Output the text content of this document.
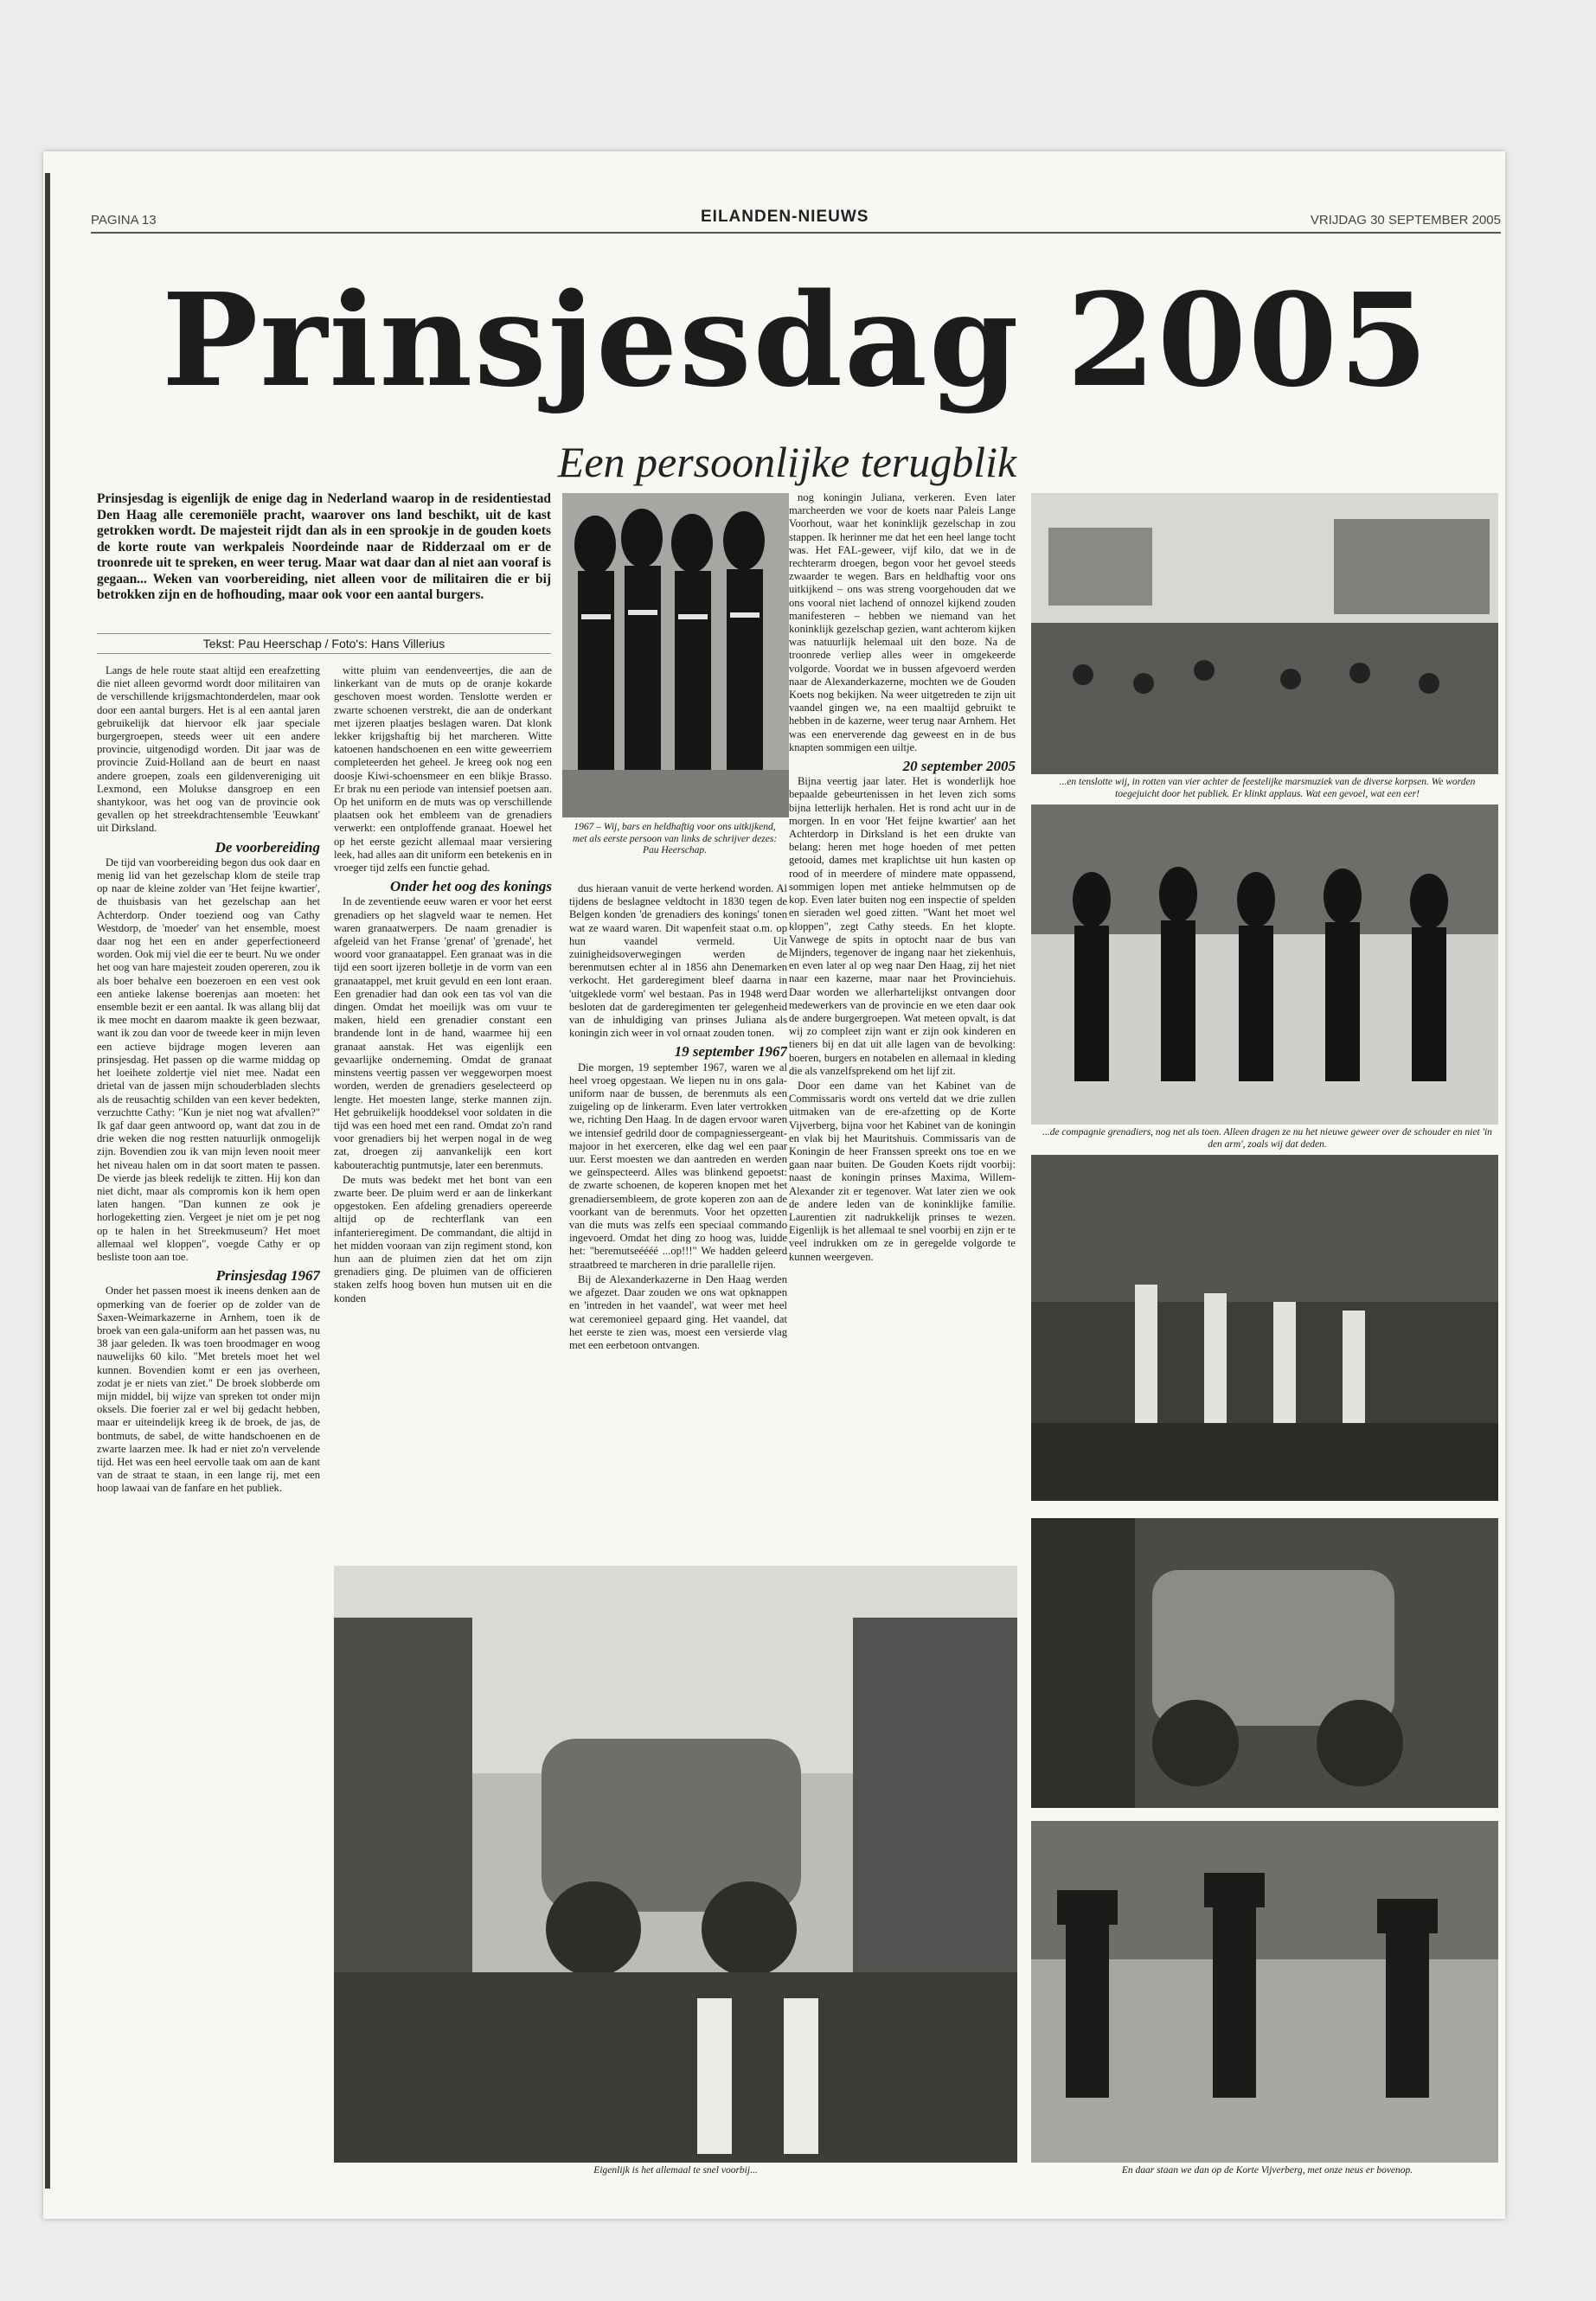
PAGINA 13	EILANDEN-NIEUWS	VRIJDAG 30 SEPTEMBER 2005
Prinsjesdag 2005
Een persoonlijke terugblik
Prinsjesdag is eigenlijk de enige dag in Nederland waarop in de residentiestad Den Haag alle ceremoniële pracht, waarover ons land beschikt, uit de kast getrokken wordt. De majesteit rijdt dan als in een sprookje in de gouden koets de korte route van werkpaleis Noordeinde naar de Ridderzaal om er de troonrede uit te spreken, en weer terug. Maar wat daar dan al niet aan vooraf is gegaan... Weken van voorbereiding, niet alleen voor de militairen die er bij betrokken zijn en de hofhouding, maar ook voor een aantal burgers.
Tekst: Pau Heerschap / Foto's: Hans Villerius

Langs de hele route staat altijd een ereafzetting die niet alleen gevormd wordt door militairen van de verschillende krijgsmachtonderdelen, maar ook door een aantal burgers. Het is al een aantal jaren gebruikelijk dat hiervoor elk jaar speciale burgergroepen, steeds weer uit een andere provincie, uitgenodigd worden. Dit jaar was de provincie Zuid-Holland aan de beurt en naast andere groepen, zoals een gildenvereniging uit Lexmond, een Molukse dansgroep en een shantykoor, was het oog van de provincie ook gevallen op het streekdrachtensemble 'Eeuwkant' uit Dirksland.

De voorbereiding

De tijd van voorbereiding begon dus ook daar en menig lid van het gezelschap klom de steile trap op naar de kleine zolder van 'Het feijne kwartier', de thuisbasis van het gezelschap aan het Achterdorp. Onder toeziend oog van Cathy Westdorp, de 'moeder' van het ensemble, moest daar nog het een en ander geperfectioneerd worden. Ook mij viel die eer te beurt. Nu we onder het oog van hare majesteit zouden opereren, zou ik als boer behalve een boezeroen en een vest ook een antieke lakense boerenjas aan moeten: het ensemble bezit er een aantal. Ik was allang blij dat ik mee mocht en daarom maakte ik geen bezwaar, want ik zou dan voor de tweede keer in mijn leven een actieve bijdrage mogen leveren aan prinsjesdag. Het passen op die warme middag op het loeihete zoldertje viel niet mee. Nadat een drietal van de jassen mijn schouderbladen slechts als de reusachtig schilden van een kever bedekten, verzuchtte Cathy: "Kun je niet nog wat afvallen?" Ik gaf daar geen antwoord op, want dat zou in de drie weken die nog restten natuurlijk onmogelijk zijn. Bovendien zou ik van mijn leven nooit meer het niveau halen om in dat soort maten te passen. De vierde jas bleek redelijk te zitten. Hij kon dan niet dicht, maar als compromis kon ik hem open laten hangen. "Dan kunnen ze ook je horlogeketting zien. Vergeet je niet om je pet nog op te halen in het Streekmuseum? Het moet allemaal wel kloppen", voegde Cathy er op besliste toon aan toe.

Prinsjesdag 1967

Onder het passen moest ik ineens denken aan de opmerking van de foerier op de zolder van de Saxen-Weimarkazerne in Arnhem, toen ik de broek van een gala-uniform aan het passen was, nu 38 jaar geleden. Ik was toen broodmager en woog nauwelijks 60 kilo. "Met bretels moet het wel kunnen. Bovendien komt er een jas overheen, zodat je er niets van ziet." De broek slobberde om mijn middel, bij wijze van spreken tot onder mijn oksels. Die foerier zal er wel bij gedacht hebben, maar er uiteindelijk kreeg ik de broek, de jas, de bontmuts, de sabel, de witte handschoenen en de zwarte laarzen mee. Ik had er niet zo'n vervelende tijd. Het was een heel eervolle taak om aan de kant van de straat te staan, in een lange rij, met een hoop lawaai van de fanfare en het publiek.

witte pluim van eendenveertjes, die aan de linkerkant van de muts op de oranje kokarde geschoven moest worden. Tenslotte werden er zwarte schoenen verstrekt, die aan de onderkant met ijzeren plaatjes beslagen waren. Dat klonk lekker krijgshaftig bij het marcheren. Witte katoenen handschoenen en een witte geweerriem completeerden het geheel. Je kreeg ook nog een doosje Kiwi-schoensmeer en een blikje Brasso. Er brak nu een periode van intensief poetsen aan. Op het uniform en de muts was op verschillende plaatsen ook het embleem van de grenadiers verwerkt: een ontploffende granaat. Hoewel het op het eerste gezicht allemaal maar versiering leek, had alles aan dit uniform een betekenis en in vroeger tijd zelfs een functie gehad.

Onder het oog des konings

In de zeventiende eeuw waren er voor het eerst grenadiers op het slagveld waar te nemen. Het waren granaatwerpers. De naam grenadier is afgeleid van het Franse 'grenat' of 'grenade', het woord voor granaatappel. Een granaat was in die tijd een soort ijzeren bolletje in de vorm van een granaatappel, met kruit gevuld en een lont eraan. Een grenadier had dan ook een tas vol van die dingen. Omdat het moeilijk was om vuur te maken, hield een grenadier constant een brandende lont in de hand, waarmee hij een granaat aanstak. Het was eigenlijk een gevaarlijke onderneming. Omdat de granaat minstens veertig passen ver weggeworpen moest worden, werden de grenadiers geselecteerd op lengte. Het moesten lange, sterke mannen zijn. Het gebruikelijk hooddeksel voor soldaten in die tijd was een hoed met een rand. Omdat zo'n rand voor grenadiers bij het werpen nogal in de weg zat, droegen zij aanvankelijk een kort kabouterachtig puntmutsje, later een berenmuts.

De muts was bedekt met het bont van een zwarte beer. De pluim werd er aan de linkerkant opgestoken. Een afdeling grenadiers opereerde altijd op de rechterflank van een infanterieregiment. De commandant, die altijd in het midden vooraan van zijn regiment stond, kon hun aan de pluimen zien dat het om zijn grenadiers ging. De pluimen van de officieren staken zelfs hoog boven hun mutsen uit en die konden

dus hieraan vanuit de verte herkend worden. Al tijdens de beslagnee veldtocht in 1830 tegen de Belgen konden 'de grenadiers des konings' tonen wat ze waard waren. Dit wapenfeit staat o.m. op hun vaandel vermeld. Uit zuinigheidsoverwegingen werden de berenmutsen echter al in 1856 ahn Denemarken verkocht. Het garderegiment bleef daarna in 'uitgeklede vorm' wel bestaan. Pas in 1948 werd besloten dat de garderegimenten ter gelegenheid van de inhuldiging van prinses Juliana als koningin zich weer in vol ornaat zouden tonen.

19 september 1967

Die morgen, 19 september 1967, waren we al heel vroeg opgestaan. We liepen nu in ons gala-uniform naar de bussen, de berenmuts als een zuigeling op de linkerarm. Even later vertrokken we, richting Den Haag. In de dagen ervoor waren we intensief gedrild door de compagniessergeant-majoor in het exerceren, elke dag wel een paar uur. Eerst moesten we dan aantreden en werden we geïnspecteerd. Alles was blinkend gepoetst: de zwarte schoenen, de koperen knopen met het grenadiersembleem, de grote koperen zon aan de voorkant van de berenmuts. Voor het opzetten van die muts was zelfs een speciaal commando ingevoerd. Omdat het ding zo hoog was, luidde het: "beremutseéééé ...op!!!" We hadden geleerd straatbreed te marcheren in drie parallelle rijen.

Bij de Alexanderkazerne in Den Haag werden we afgezet. Daar zouden we ons wat opknappen en 'intreden in het vaandel', wat weer met heel wat ceremonieel gepaard ging. Het vaandel, dat het eerste te zien was, moest een versierde vlag met een eerbetoon ontvangen.

nog koningin Juliana, verkeren. Even later marcheerden we voor de koets naar Paleis Lange Voorhout, waar het koninklijk gezelschap in zou stappen. Ik herinner me dat het een heel lange tocht was. Het FAL-geweer, vijf kilo, dat we in de rechterarm droegen, begon voor het gevoel steeds zwaarder te wegen. Bars en heldhaftig voor ons uitkijkend – ons was streng voorgehouden dat we ons vooral niet lachend of onnozel kijkend zouden manifesteren – hebben we niemand van het koninklijk gezelschap gezien, want achterom kijken was natuurlijk helemaal uit den boze. Na de troonrede verliep alles weer in omgekeerde volgorde. Voordat we in bussen afgevoerd werden naar de Alexanderkazerne, mochten we de Gouden Koets nog bekijken. Na weer uitgetreden te zijn uit vaandel gingen we, na een maaltijd gebruikt te hebben in de kazerne, weer terug naar Arnhem. Het was een enerverende dag geweest en in de bus knapten sommigen een uiltje.

20 september 2005

Bijna veertig jaar later. Het is wonderlijk hoe bepaalde gebeurtenissen in het leven zich soms bijna letterlijk herhalen. Het is rond acht uur in de morgen. In en voor 'Het feijne kwartier' aan het Achterdorp in Dirksland is het een drukte van belang: heren met hoge hoeden of met petten getooid, dames met kraplichtse uit hun kasten op rood of in meerdere of mindere mate oppassend, sommigen lopen met antieke helmmutsen op de kop. Even later buiten nog een inspectie of spelden en sieraden wel goed zitten. "Want het moet wel kloppen", zegt Cathy steeds. En het klopte. Vanwege de spits in optocht naar de bus van Mijnders, tegenover de ingang naar het ziekenhuis, en even later al op weg naar Den Haag, zij het niet naar een kazerne, maar naar het Provinciehuis. Daar worden we allerhartelijkst ontvangen door medewerkers van de provincie en we eten daar ook de andere burgergroepen. Wat meteen opvalt, is dat wij zo compleet zijn want er zijn ook kinderen en tieners bij en dat uit alle lagen van de bevolking: boeren, burgers en notabelen en allemaal in kleding die als vanzelfsprekend om het lijf zit.

Door een dame van het Kabinet van de Commissaris wordt ons verteld dat we drie zullen uitmaken van de ere-afzetting op de Korte Vijverberg, bijna voor het Kabinet van de koningin en vlak bij het Mauritshuis. Commissaris van de Koningin de heer Franssen spreekt ons toe en we gaan naar buiten. De Gouden Koets rijdt voorbij: naast de koningin prinses Maxima, Willem-Alexander zit er tegenover. Wat later zien we ook de andere leden van de koninklijke familie. Laurentien zit nadrukkelijk prinses te wezen. Eigenlijk is het allemaal te snel voorbij en zijn er te veel indrukken om ze in geregelde volgorde te kunnen weergeven.

1967 – Wij, bars en heldhaftig voor ons uitkijkend, met als eerste persoon van links de schrijver dezes: Pau Heerschap.
...en tenslotte wij, in rotten van vier achter de feestelijke marsmuziek van de diverse korpsen. We worden toegejuicht door het publiek. Er klinkt applaus. Wat een gevoel, wat een eer!
...de compagnie grenadiers, nog net als toen. Alleen dragen ze nu het nieuwe geweer over de schouder en niet 'in den arm', zoals wij dat deden.
En daar staan we dan op de Korte Vijverberg, met onze neus er bovenop.
Eigenlijk is het allemaal te snel voorbij...
